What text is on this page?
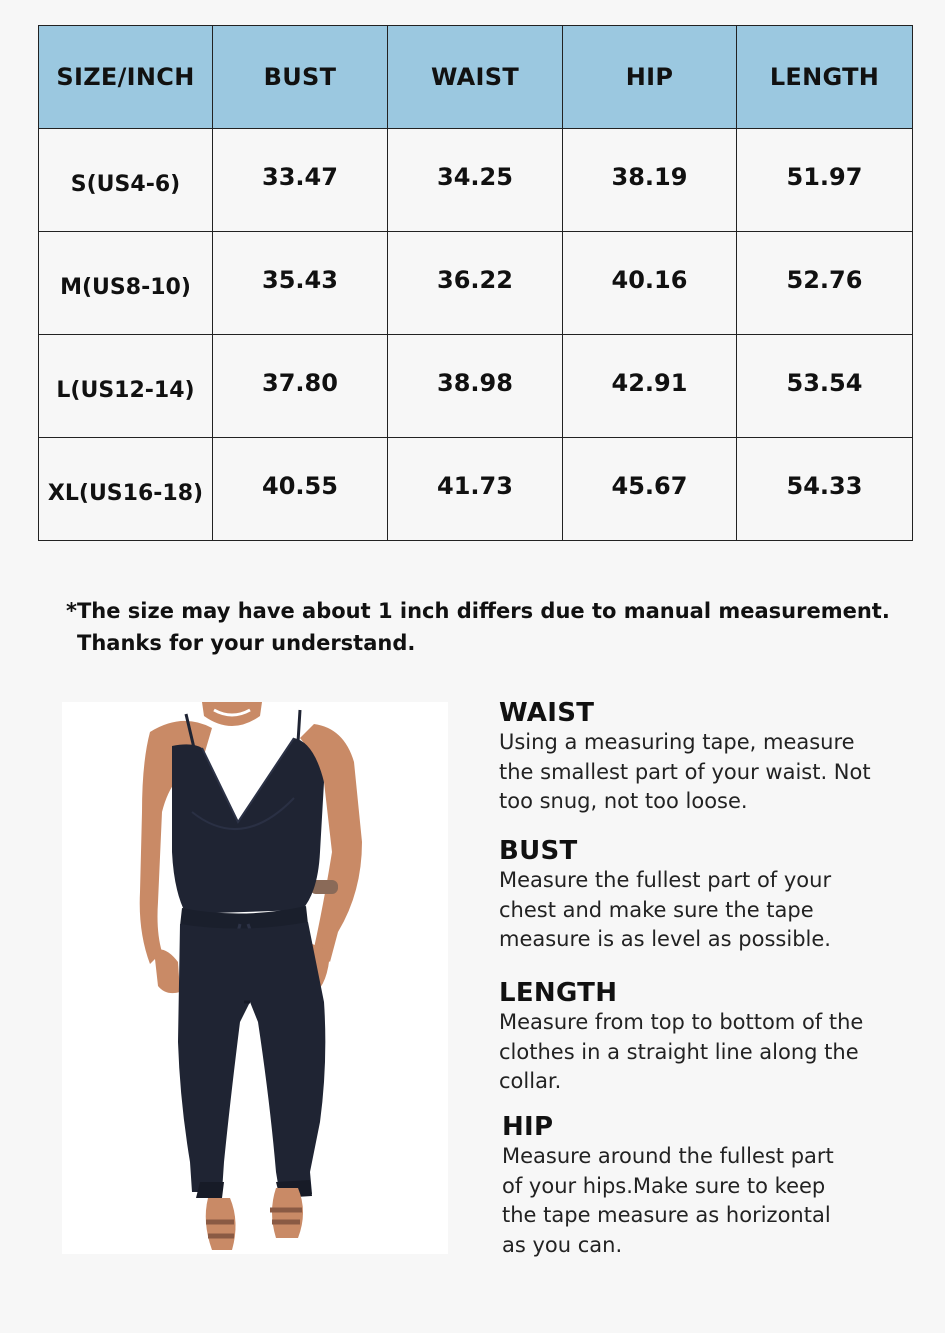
SIZE/INCH	BUST	WAIST	HIP	LENGTH
S(US4-6)	33.47	34.25	38.19	51.97
M(US8-10)	35.43	36.22	40.16	52.76
L(US12-14)	37.80	38.98	42.91	53.54
XL(US16-18)	40.55	41.73	45.67	54.33
*The size may have about 1 inch differs due to manual measurement.
Thanks for your understand.
WAIST

Using a measuring tape, measure the smallest part of your waist. Not too snug, not too loose.

BUST

Measure the fullest part of your chest and make sure the tape measure is as level as possible.

LENGTH

Measure from top to bottom of the clothes in a straight line along the collar.

HIP

Measure around the fullest part of your hips.Make sure to keep the tape measure as horizontal as you can.
